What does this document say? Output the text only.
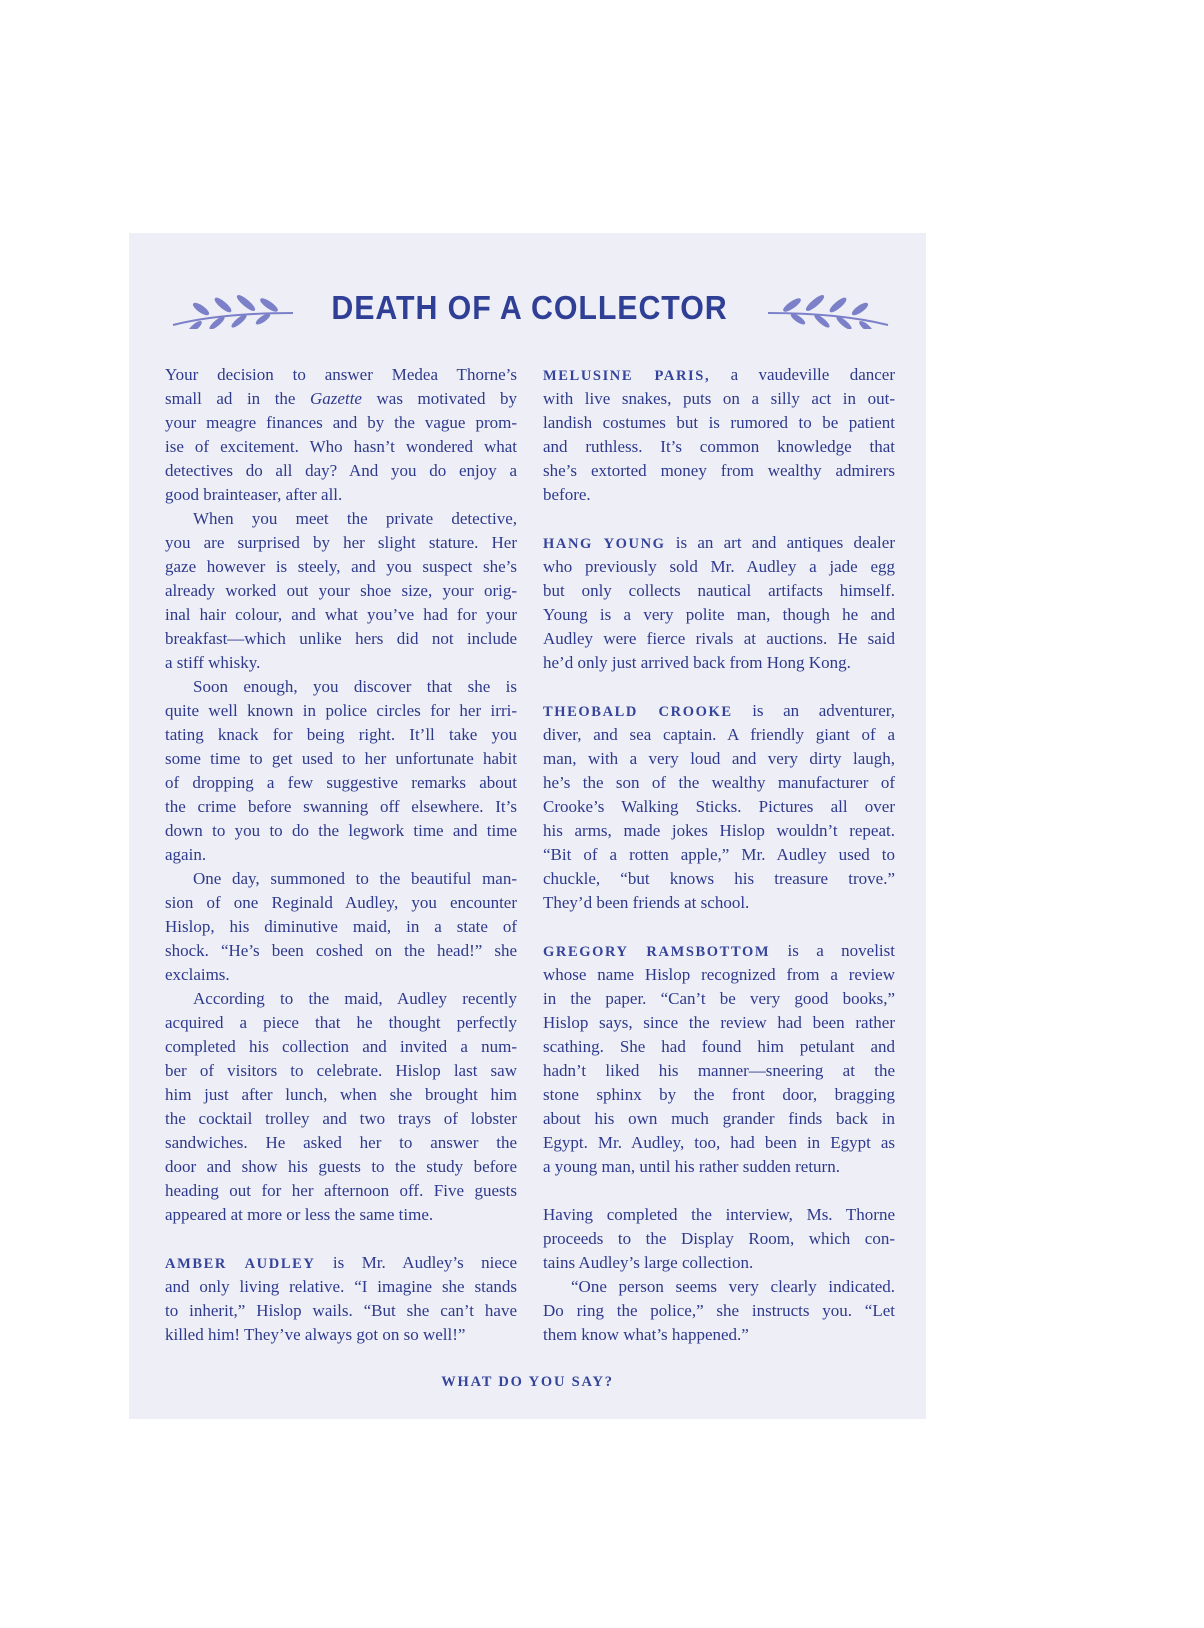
DEATH OF A COLLECTOR
Your decision to answer Medea Thorne’s
small ad in the Gazette was motivated by
your meagre finances and by the vague prom-
ise of excitement. Who hasn’t wondered what
detectives do all day? And you do enjoy a
good brainteaser, after all.
When you meet the private detective,
you are surprised by her slight stature. Her
gaze however is steely, and you suspect she’s
already worked out your shoe size, your orig-
inal hair colour, and what you’ve had for your
breakfast—which unlike hers did not include
a stiff whisky.
Soon enough, you discover that she is
quite well known in police circles for her irri-
tating knack for being right. It’ll take you
some time to get used to her unfortunate habit
of dropping a few suggestive remarks about
the crime before swanning off elsewhere. It’s
down to you to do the legwork time and time
again.
One day, summoned to the beautiful man-
sion of one Reginald Audley, you encounter
Hislop, his diminutive maid, in a state of
shock. “He’s been coshed on the head!” she
exclaims.
According to the maid, Audley recently
acquired a piece that he thought perfectly
completed his collection and invited a num-
ber of visitors to celebrate. Hislop last saw
him just after lunch, when she brought him
the cocktail trolley and two trays of lobster
sandwiches. He asked her to answer the
door and show his guests to the study before
heading out for her afternoon off. Five guests
appeared at more or less the same time.
AMBER AUDLEY is Mr. Audley’s niece
and only living relative. “I imagine she stands
to inherit,” Hislop wails. “But she can’t have
killed him! They’ve always got on so well!”
MELUSINE PARIS, a vaudeville dancer
with live snakes, puts on a silly act in out-
landish costumes but is rumored to be patient
and ruthless. It’s common knowledge that
she’s extorted money from wealthy admirers
before.
HANG YOUNG is an art and antiques dealer
who previously sold Mr. Audley a jade egg
but only collects nautical artifacts himself.
Young is a very polite man, though he and
Audley were fierce rivals at auctions. He said
he’d only just arrived back from Hong Kong.
THEOBALD CROOKE is an adventurer,
diver, and sea captain. A friendly giant of a
man, with a very loud and very dirty laugh,
he’s the son of the wealthy manufacturer of
Crooke’s Walking Sticks. Pictures all over
his arms, made jokes Hislop wouldn’t repeat.
“Bit of a rotten apple,” Mr. Audley used to
chuckle, “but knows his treasure trove.”
They’d been friends at school.
GREGORY RAMSBOTTOM is a novelist
whose name Hislop recognized from a review
in the paper. “Can’t be very good books,”
Hislop says, since the review had been rather
scathing. She had found him petulant and
hadn’t liked his manner—sneering at the
stone sphinx by the front door, bragging
about his own much grander finds back in
Egypt. Mr. Audley, too, had been in Egypt as
a young man, until his rather sudden return.
Having completed the interview, Ms. Thorne
proceeds to the Display Room, which con-
tains Audley’s large collection.
“One person seems very clearly indicated.
Do ring the police,” she instructs you. “Let
them know what’s happened.”
WHAT DO YOU SAY?
